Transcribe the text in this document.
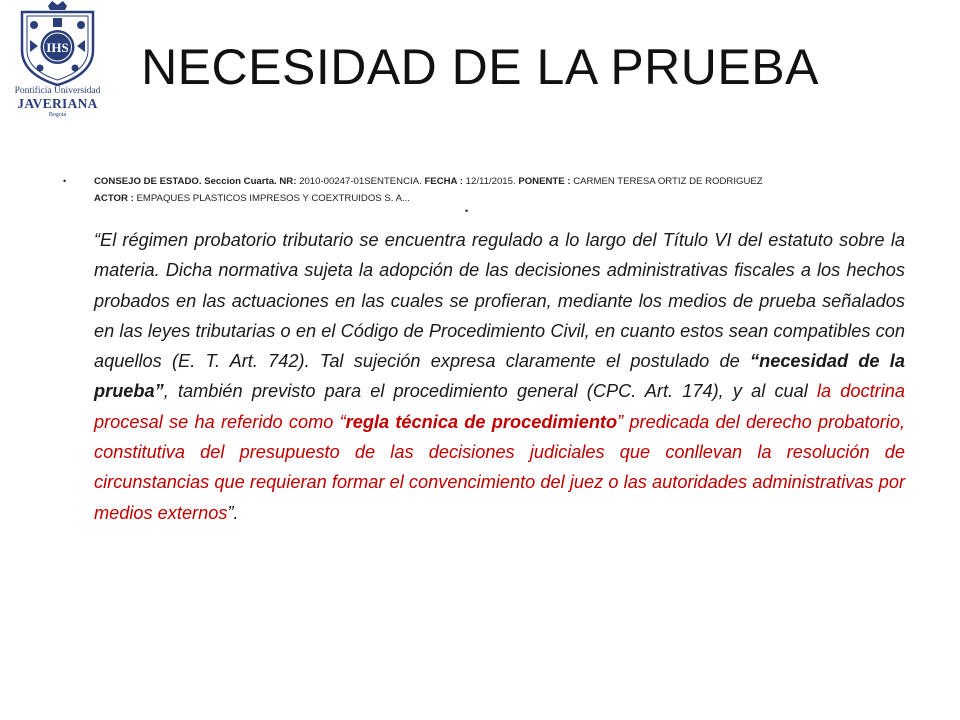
IHS
Pontificia Universidad
JAVERIANA
Bogotá
NECESIDAD DE LA PRUEBA
•	CONSEJO DE ESTADO. Seccion Cuarta. NR: 2010-00247-01SENTENCIA. FECHA : 12/11/2015. PONENTE : CARMEN TERESA ORTIZ DE RODRIGUEZ
ACTOR : EMPAQUES PLASTICOS IMPRESOS Y COEXTRUIDOS S. A...
•

“El régimen probatorio tributario se encuentra regulado a lo largo del Título VI del estatuto sobre la materia. Dicha normativa sujeta la adopción de las decisiones administrativas fiscales a los hechos probados en las actuaciones en las cuales se profieran, mediante los medios de prueba señalados en las leyes tributarias o en el Código de Procedimiento Civil, en cuanto estos sean compatibles con aquellos (E. T. Art. 742). Tal sujeción expresa claramente el postulado de “necesidad de la prueba”, también previsto para el procedimiento general (CPC. Art. 174), y al cual la doctrina procesal se ha referido como “regla técnica de procedimiento” predicada del derecho probatorio, constitutiva del presupuesto de las decisiones judiciales que conllevan la resolución de circunstancias que requieran formar el convencimiento del juez o las autoridades administrativas por medios externos”.
